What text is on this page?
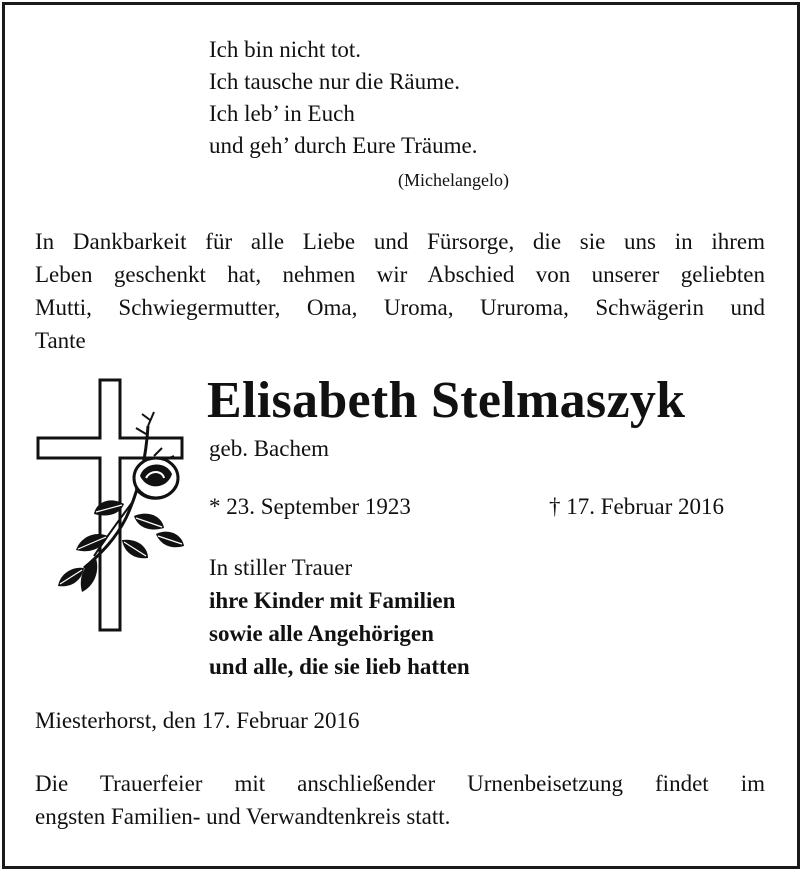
Ich bin nicht tot.
Ich tausche nur die Räume.
Ich leb’ in Euch
und geh’ durch Eure Träume.
(Michelangelo)
In Dankbarkeit für alle Liebe und Fürsorge, die sie uns in ihrem
Leben geschenkt hat, nehmen wir Abschied von unserer geliebten
Mutti, Schwiegermutter, Oma, Uroma, Ururoma, Schwägerin und
Tante
Elisabeth Stelmaszyk
geb. Bachem
* 23. September 1923	† 17. Februar 2016
In stiller Trauer
ihre Kinder mit Familien
sowie alle Angehörigen
und alle, die sie lieb hatten
Miesterhorst, den 17. Februar 2016
Die Trauerfeier mit anschließender Urnenbeisetzung findet im
engsten Familien- und Verwandtenkreis statt.
